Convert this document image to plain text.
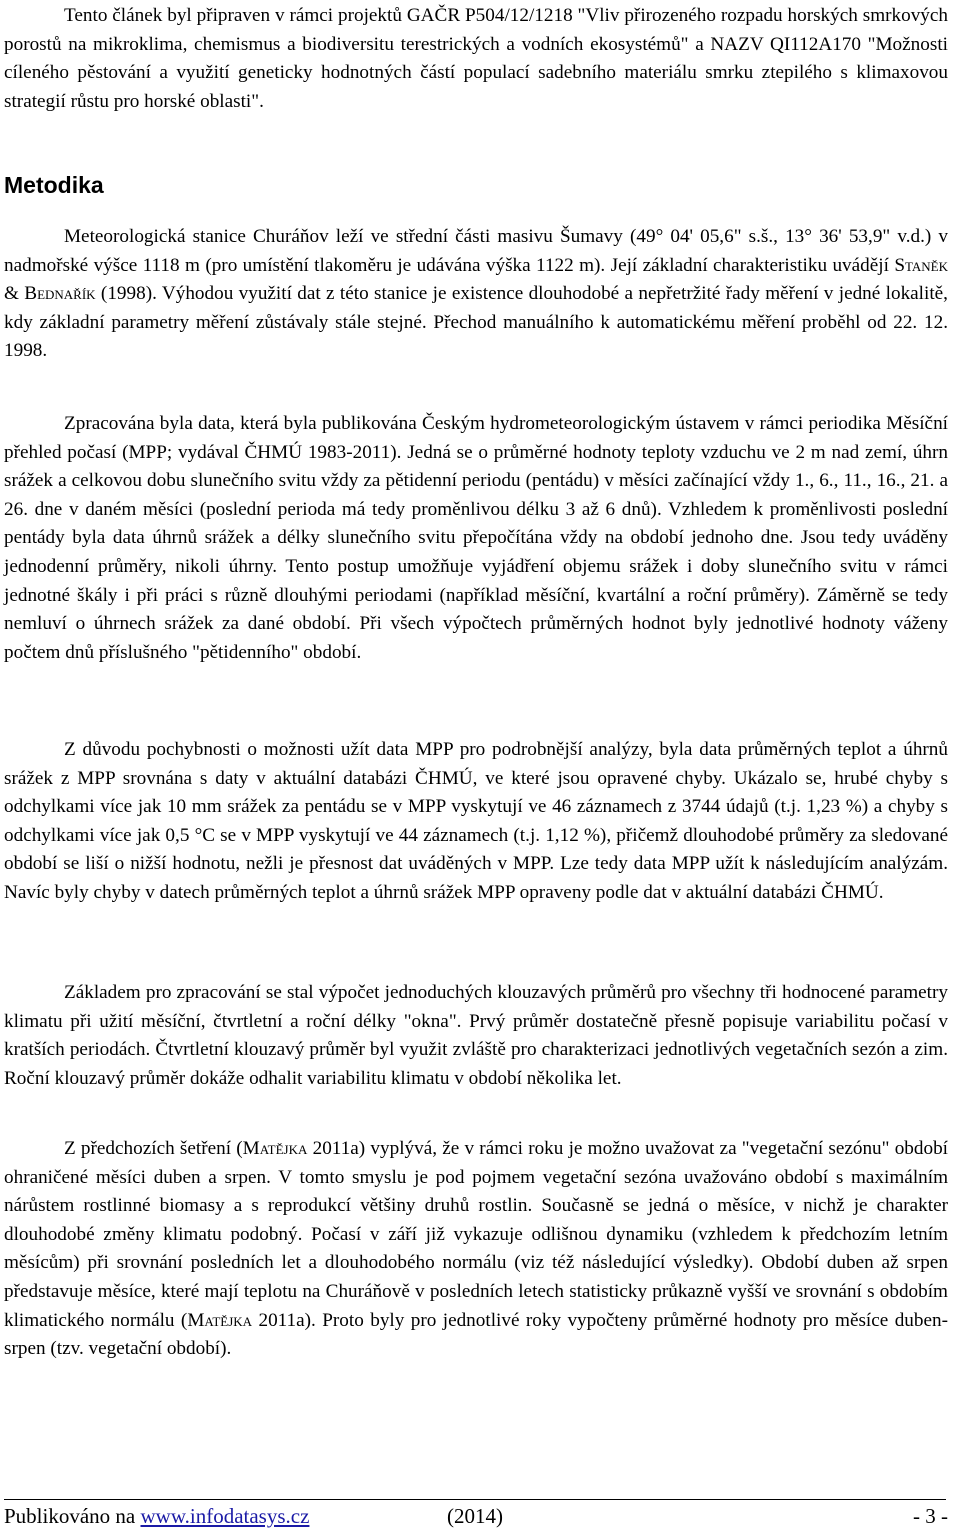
Tento článek byl připraven v rámci projektů GAČR P504/12/1218 "Vliv přirozeného rozpadu horských smrkových porostů na mikroklima, chemismus a biodiversitu terestrických a vodních ekosystémů" a NAZV QI112A170 "Možnosti cíleného pěstování a využití geneticky hodnotných částí populací sadebního materiálu smrku ztepilého s klimaxovou strategií růstu pro horské oblasti".

Metodika

Meteorologická stanice Churáňov leží ve střední části masivu Šumavy (49° 04' 05,6" s.š., 13° 36' 53,9" v.d.) v nadmořské výšce 1118 m (pro umístění tlakoměru je udávána výška 1122 m). Její základní charakteristiku uvádějí Staněk & Bednařík (1998). Výhodou využití dat z této stanice je existence dlouhodobé a nepřetržité řady měření v jedné lokalitě, kdy základní parametry měření zůstávaly stále stejné. Přechod manuálního k automatickému měření proběhl od 22. 12. 1998.

Zpracována byla data, která byla publikována Českým hydrometeorologickým ústavem v rámci periodika Měsíční přehled počasí (MPP; vydával ČHMÚ 1983-2011). Jedná se o průměrné hodnoty teploty vzduchu ve 2 m nad zemí, úhrn srážek a celkovou dobu slunečního svitu vždy za pětidenní periodu (pentádu) v měsíci začínající vždy 1., 6., 11., 16., 21. a 26. dne v daném měsíci (poslední perioda má tedy proměnlivou délku 3 až 6 dnů). Vzhledem k proměnlivosti poslední pentády byla data úhrnů srážek a délky slunečního svitu přepočítána vždy na období jednoho dne. Jsou tedy uváděny jednodenní průměry, nikoli úhrny. Tento postup umožňuje vyjádření objemu srážek i doby slunečního svitu v rámci jednotné škály i při práci s různě dlouhými periodami (například měsíční, kvartální a roční průměry). Záměrně se tedy nemluví o úhrnech srážek za dané období. Při všech výpočtech průměrných hodnot byly jednotlivé hodnoty váženy počtem dnů příslušného "pětidenního" období.

Z důvodu pochybnosti o možnosti užít data MPP pro podrobnější analýzy, byla data průměrných teplot a úhrnů srážek z MPP srovnána s daty v aktuální databázi ČHMÚ, ve které jsou opravené chyby. Ukázalo se, hrubé chyby s odchylkami více jak 10 mm srážek za pentádu se v MPP vyskytují ve 46 záznamech z 3744 údajů (t.j. 1,23 %) a chyby s odchylkami více jak 0,5 °C se v MPP vyskytují ve 44 záznamech (t.j. 1,12 %), přičemž dlouhodobé průměry za sledované období se liší o nižší hodnotu, nežli je přesnost dat uváděných v MPP. Lze tedy data MPP užít k následujícím analýzám. Navíc byly chyby v datech průměrných teplot a úhrnů srážek MPP opraveny podle dat v aktuální databázi ČHMÚ.

Základem pro zpracování se stal výpočet jednoduchých klouzavých průměrů pro všechny tři hodnocené parametry klimatu při užití měsíční, čtvrtletní a roční délky "okna". Prvý průměr dostatečně přesně popisuje variabilitu počasí v kratších periodách. Čtvrtletní klouzavý průměr byl využit zvláště pro charakterizaci jednotlivých vegetačních sezón a zim. Roční klouzavý průměr dokáže odhalit variabilitu klimatu v období několika let.

Z předchozích šetření (Matějka 2011a) vyplývá, že v rámci roku je možno uvažovat za "vegetační sezónu" období ohraničené měsíci duben a srpen. V tomto smyslu je pod pojmem vegetační sezóna uvažováno období s maximálním nárůstem rostlinné biomasy a s reprodukcí většiny druhů rostlin. Současně se jedná o měsíce, v nichž je charakter dlouhodobé změny klimatu podobný. Počasí v září již vykazuje odlišnou dynamiku (vzhledem k předchozím letním měsícům) při srovnání posledních let a dlouhodobého normálu (viz též následující výsledky). Období duben až srpen představuje měsíce, které mají teplotu na Churáňově v posledních letech statisticky průkazně vyšší ve srovnání s obdobím klimatického normálu (Matějka 2011a). Proto byly pro jednotlivé roky vypočteny průměrné hodnoty pro měsíce duben-srpen (tzv. vegetační období).

Publikováno na www.infodatasys.cz	(2014)	- 3 -
